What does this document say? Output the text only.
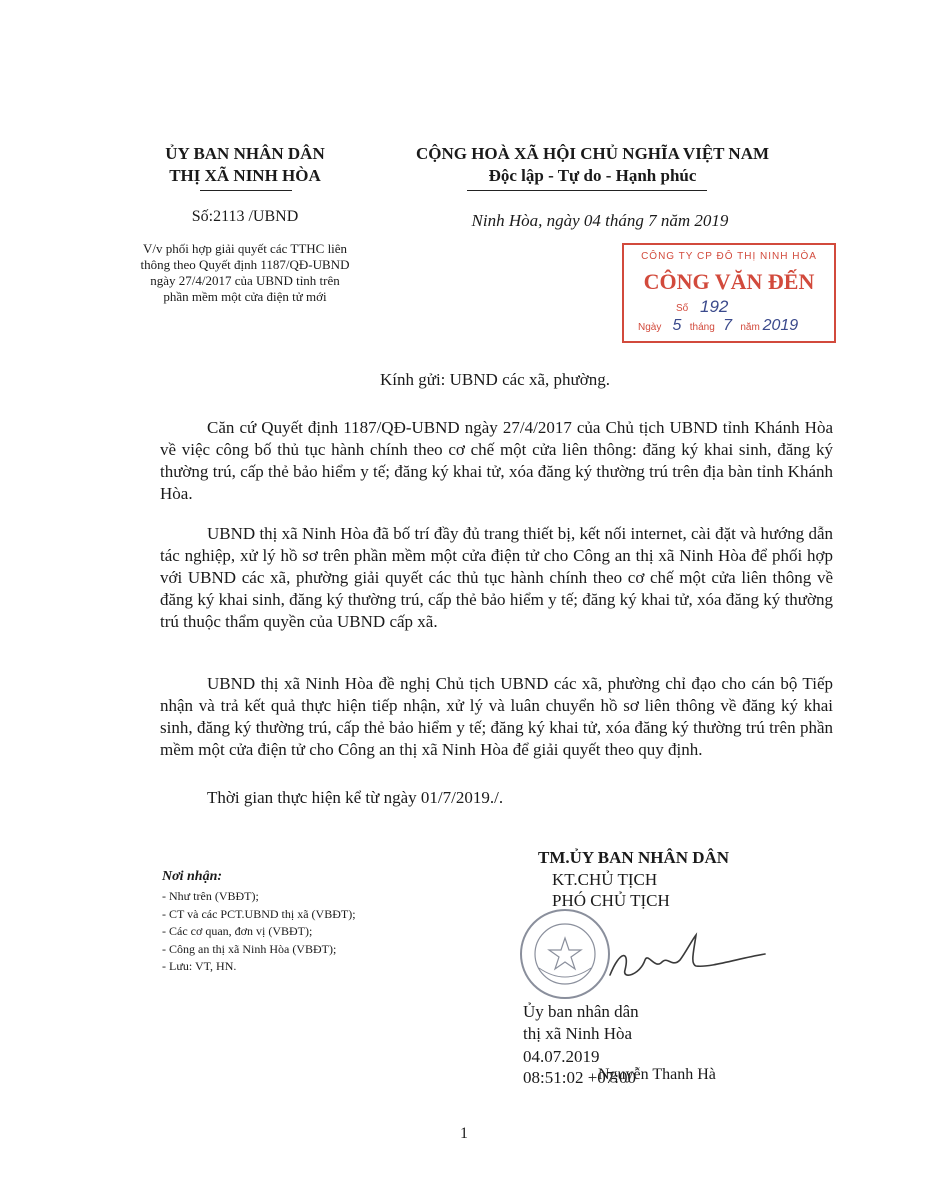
ỦY BAN NHÂN DÂN
THỊ XÃ NINH HÒA
Số:2113 /UBND
V/v phối hợp giải quyết các TTHC liên
thông theo Quyết định 1187/QĐ-UBND
ngày 27/4/2017 của UBND tỉnh trên
phần mềm một cửa điện tử mới
CỘNG HOÀ XÃ HỘI CHỦ NGHĨA VIỆT NAM
Độc lập - Tự do - Hạnh phúc
Ninh Hòa, ngày 04 tháng 7 năm 2019
CÔNG TY CP ĐÔ THỊ NINH HÒA
CÔNG VĂN ĐẾN
Số 192
Ngày 5 tháng 7 năm 2019
Kính gửi: UBND các xã, phường.
Căn cứ Quyết định 1187/QĐ-UBND ngày 27/4/2017 của Chủ tịch UBND tỉnh Khánh Hòa về việc công bố thủ tục hành chính theo cơ chế một cửa liên thông: đăng ký khai sinh, đăng ký thường trú, cấp thẻ bảo hiểm y tế; đăng ký khai tử, xóa đăng ký thường trú trên địa bàn tỉnh Khánh Hòa.
UBND thị xã Ninh Hòa đã bố trí đầy đủ trang thiết bị, kết nối internet, cài đặt và hướng dẫn tác nghiệp, xử lý hồ sơ trên phần mềm một cửa điện tử cho Công an thị xã Ninh Hòa để phối hợp với UBND các xã, phường giải quyết các thủ tục hành chính theo cơ chế một cửa liên thông về đăng ký khai sinh, đăng ký thường trú, cấp thẻ bảo hiểm y tế; đăng ký khai tử, xóa đăng ký thường trú thuộc thẩm quyền của UBND cấp xã.
UBND thị xã Ninh Hòa đề nghị Chủ tịch UBND các xã, phường chỉ đạo cho cán bộ Tiếp nhận và trả kết quả thực hiện tiếp nhận, xử lý và luân chuyển hồ sơ liên thông về đăng ký khai sinh, đăng ký thường trú, cấp thẻ bảo hiểm y tế; đăng ký khai tử, xóa đăng ký thường trú trên phần mềm một cửa điện tử cho Công an thị xã Ninh Hòa để giải quyết theo quy định.
Thời gian thực hiện kể từ ngày 01/7/2019./.
Nơi nhận:
- Như trên (VBĐT);
- CT và các PCT.UBND thị xã (VBĐT);
- Các cơ quan, đơn vị (VBĐT);
- Công an thị xã Ninh Hòa (VBĐT);
- Lưu: VT, HN.
TM.ỦY BAN NHÂN DÂN
KT.CHỦ TỊCH
PHÓ CHỦ TỊCH
Ủy ban nhân dân
thị xã Ninh Hòa
04.07.2019
08:51:02 +07:00
Nguyễn Thanh Hà
1
